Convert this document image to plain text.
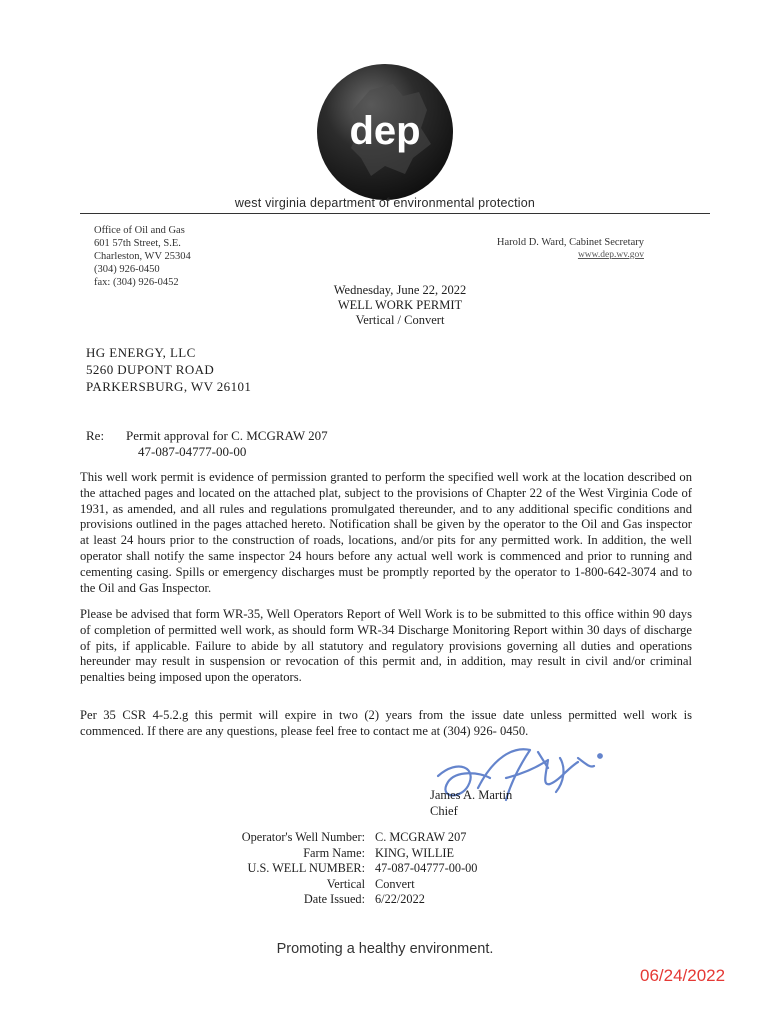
dep
west virginia department of environmental protection
Office of Oil and Gas
601 57th Street, S.E.
Charleston, WV 25304
(304) 926-0450
fax: (304) 926-0452
Harold D. Ward, Cabinet Secretary
www.dep.wv.gov
Wednesday, June 22, 2022
WELL WORK PERMIT
Vertical / Convert
HG ENERGY, LLC
5260 DUPONT ROAD
PARKERSBURG, WV 26101
Re: Permit approval for C. MCGRAW 207
47-087-04777-00-00
This well work permit is evidence of permission granted to perform the specified well work at the location described on the attached pages and located on the attached plat, subject to the provisions of Chapter 22 of the West Virginia Code of 1931, as amended, and all rules and regulations promulgated thereunder, and to any additional specific conditions and provisions outlined in the pages attached hereto. Notification shall be given by the operator to the Oil and Gas inspector at least 24 hours prior to the construction of roads, locations, and/or pits for any permitted work. In addition, the well operator shall notify the same inspector 24 hours before any actual well work is commenced and prior to running and cementing casing. Spills or emergency discharges must be promptly reported by the operator to 1-800-642-3074 and to the Oil and Gas Inspector.
Please be advised that form WR-35, Well Operators Report of Well Work is to be submitted to this office within 90 days of completion of permitted well work, as should form WR-34 Discharge Monitoring Report within 30 days of discharge of pits, if applicable. Failure to abide by all statutory and regulatory provisions governing all duties and operations hereunder may result in suspension or revocation of this permit and, in addition, may result in civil and/or criminal penalties being imposed upon the operators.
Per 35 CSR 4-5.2.g this permit will expire in two (2) years from the issue date unless permitted well work is commenced. If there are any questions, please feel free to contact me at (304) 926- 0450.
James A. Martin
Chief
Operator's Well Number:	C. MCGRAW 207
Farm Name:	KING, WILLIE
U.S. WELL NUMBER:	47-087-04777-00-00
Vertical	Convert
Date Issued:	6/22/2022
Promoting a healthy environment.
06/24/2022
